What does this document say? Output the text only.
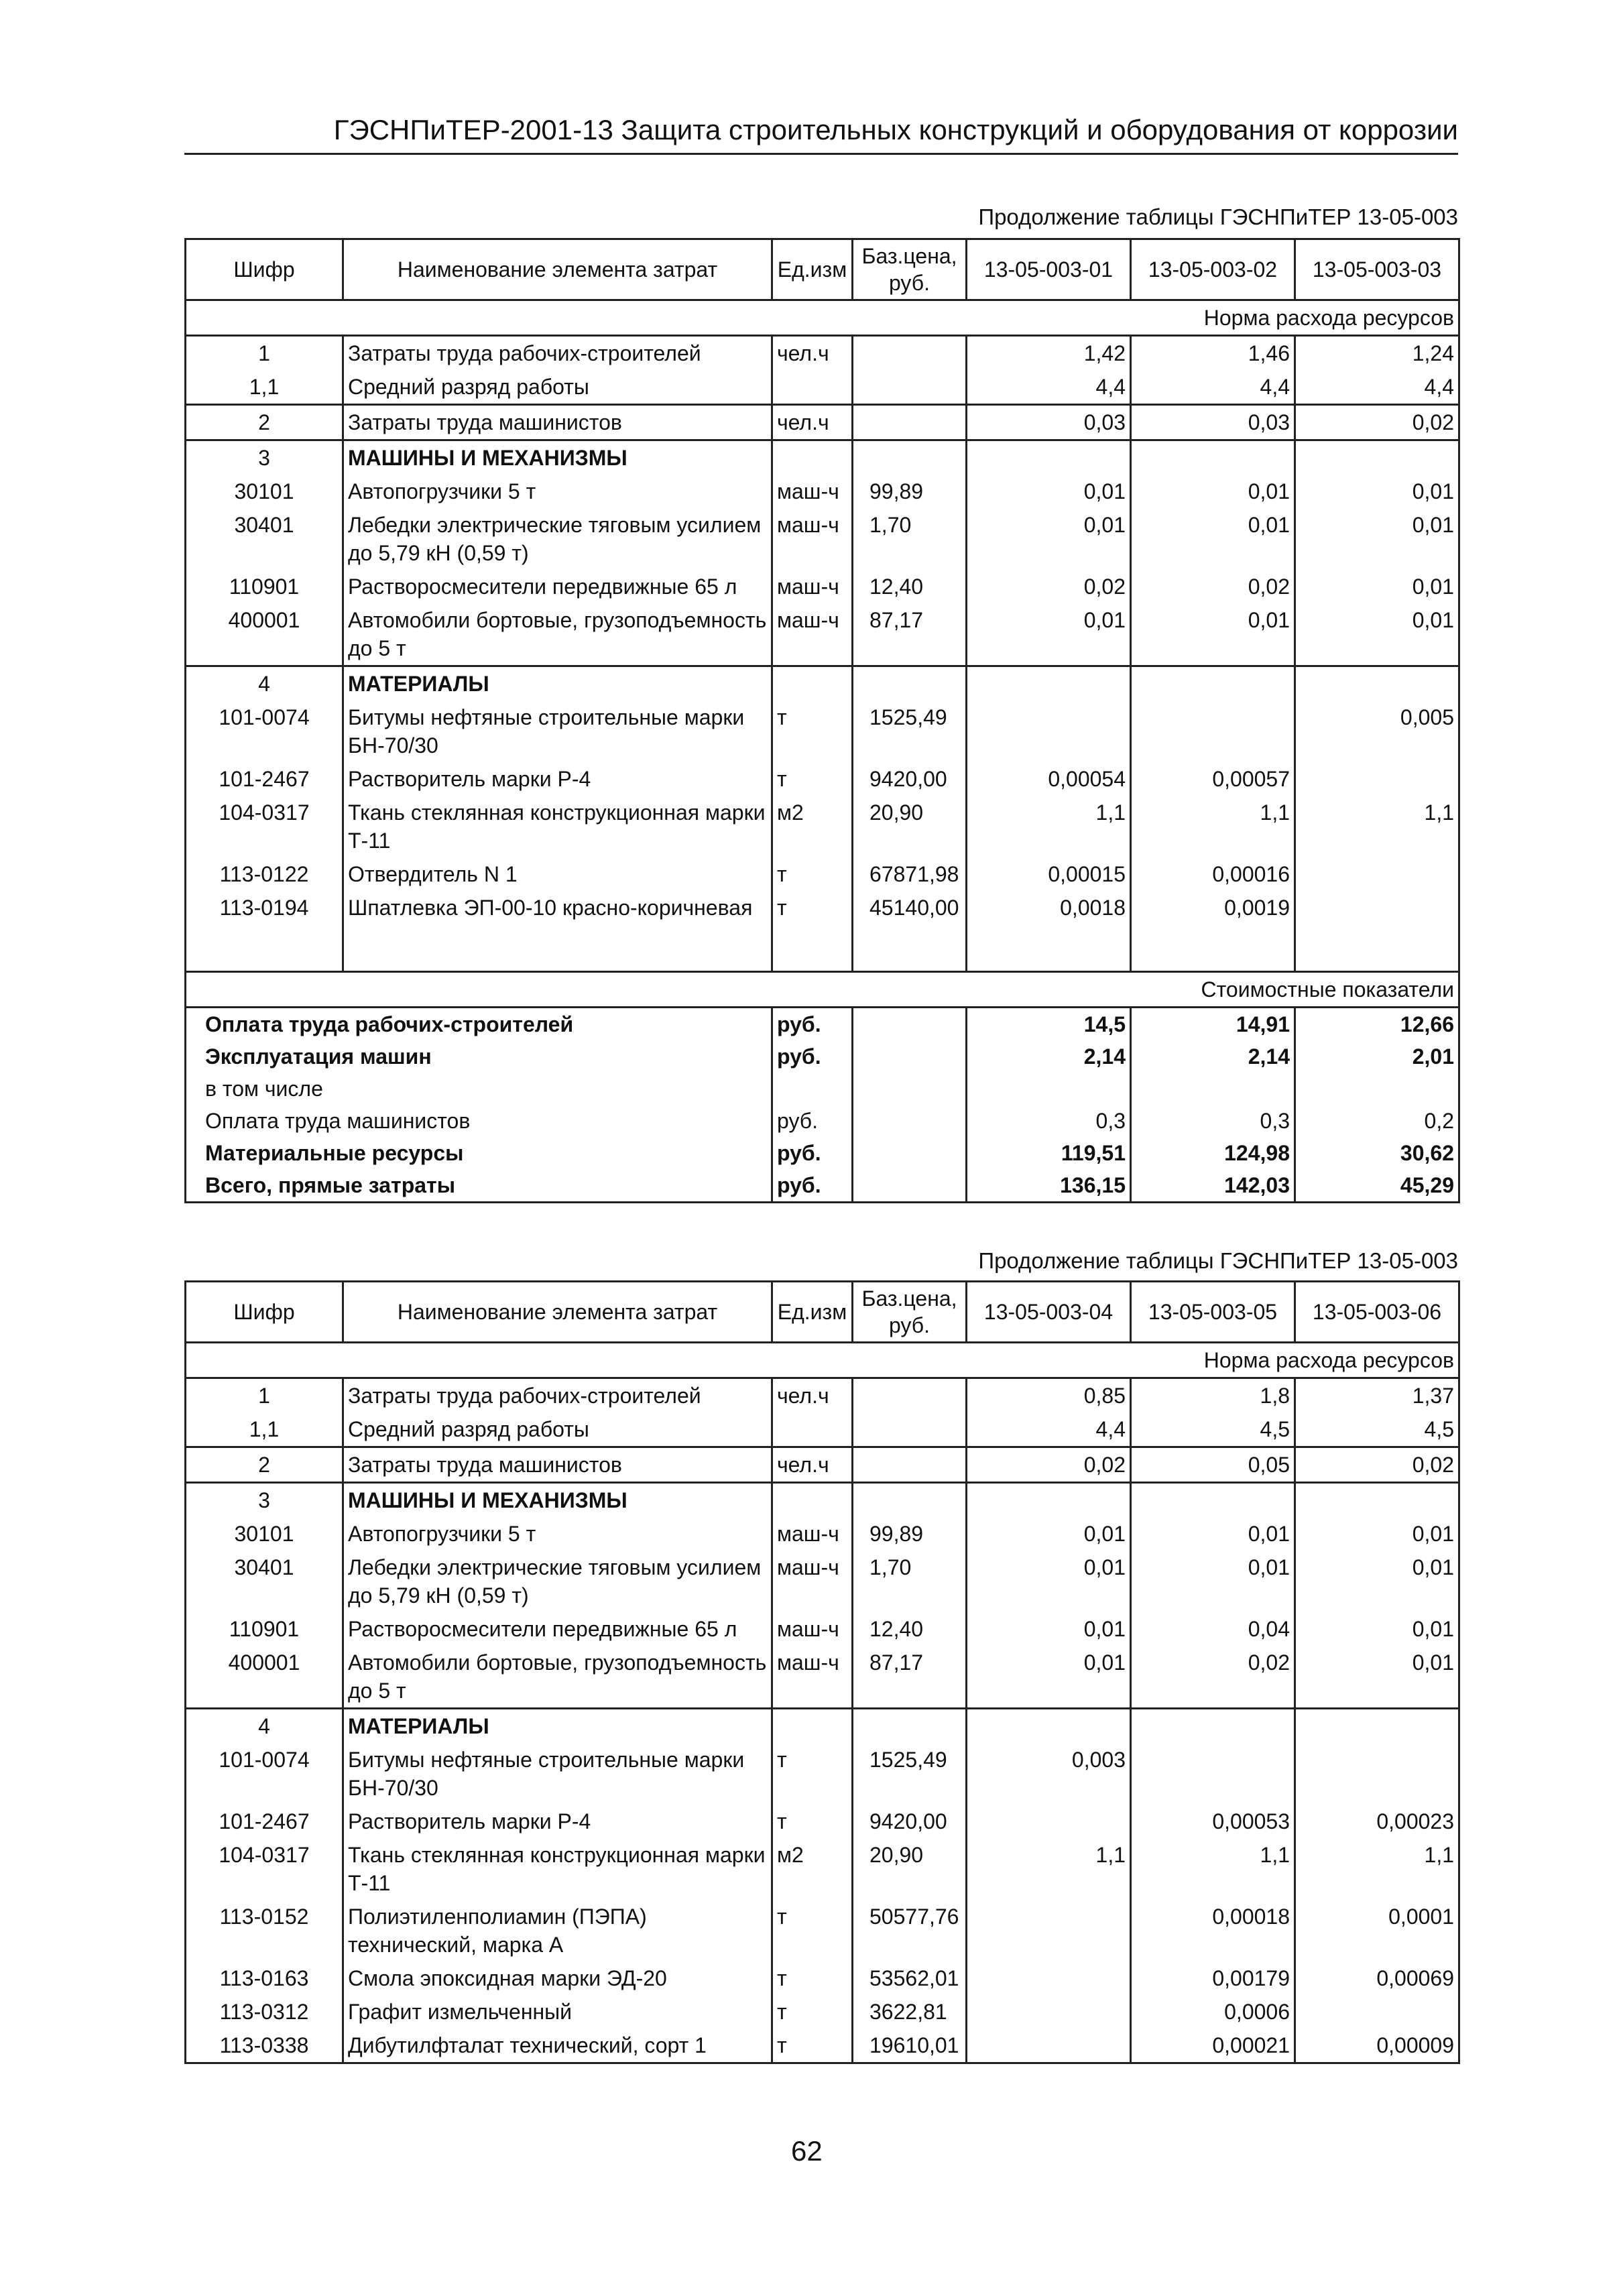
ГЭСНПиТЕР-2001-13 Защита строительных конструкций и оборудования от коррозии
Продолжение таблицы ГЭСНПиТЕР 13-05-003
Шифр	Наименование элемента затрат	Ед.изм	Баз.цена, руб.	13-05-003-01	13-05-003-02	13-05-003-03
Норма расхода ресурсов						
1	Затраты труда рабочих-строителей	чел.ч		1,42	1,46	1,24
1,1	Средний разряд работы			4,4	4,4	4,4
2	Затраты труда машинистов	чел.ч		0,03	0,03	0,02
3	МАШИНЫ И МЕХАНИЗМЫ					
30101	Автопогрузчики 5 т	маш-ч	99,89	0,01	0,01	0,01
30401	Лебедки электрические тяговым усилием до 5,79 кН (0,59 т)	маш-ч	1,70	0,01	0,01	0,01
110901	Растворосмесители передвижные 65 л	маш-ч	12,40	0,02	0,02	0,01
400001	Автомобили бортовые, грузоподъемность до 5 т	маш-ч	87,17	0,01	0,01	0,01
4	МАТЕРИАЛЫ					
101-0074	Битумы нефтяные строительные марки БН-70/30	т	1525,49			0,005
101-2467	Растворитель марки Р-4	т	9420,00	0,00054	0,00057	
104-0317	Ткань стеклянная конструкционная марки Т-11	м2	20,90	1,1	1,1	1,1
113-0122	Отвердитель N 1	т	67871,98	0,00015	0,00016	
113-0194	Шпатлевка ЭП-00-10 красно-коричневая	т	45140,00	0,0018	0,0019	

Стоимостные показатели						
Оплата труда рабочих-строителей		руб.		14,5	14,91	12,66
Эксплуатация машин		руб.		2,14	2,14	2,01
в том числе						
Оплата труда машинистов		руб.		0,3	0,3	0,2
Материальные ресурсы		руб.		119,51	124,98	30,62
Всего, прямые затраты		руб.		136,15	142,03	45,29
Продолжение таблицы ГЭСНПиТЕР 13-05-003
Шифр	Наименование элемента затрат	Ед.изм	Баз.цена, руб.	13-05-003-04	13-05-003-05	13-05-003-06
Норма расхода ресурсов						
1	Затраты труда рабочих-строителей	чел.ч		0,85	1,8	1,37
1,1	Средний разряд работы			4,4	4,5	4,5
2	Затраты труда машинистов	чел.ч		0,02	0,05	0,02
3	МАШИНЫ И МЕХАНИЗМЫ					
30101	Автопогрузчики 5 т	маш-ч	99,89	0,01	0,01	0,01
30401	Лебедки электрические тяговым усилием до 5,79 кН (0,59 т)	маш-ч	1,70	0,01	0,01	0,01
110901	Растворосмесители передвижные 65 л	маш-ч	12,40	0,01	0,04	0,01
400001	Автомобили бортовые, грузоподъемность до 5 т	маш-ч	87,17	0,01	0,02	0,01
4	МАТЕРИАЛЫ					
101-0074	Битумы нефтяные строительные марки БН-70/30	т	1525,49	0,003		
101-2467	Растворитель марки Р-4	т	9420,00		0,00053	0,00023
104-0317	Ткань стеклянная конструкционная марки Т-11	м2	20,90	1,1	1,1	1,1
113-0152	Полиэтиленполиамин (ПЭПА) технический, марка А	т	50577,76		0,00018	0,0001
113-0163	Смола эпоксидная марки ЭД-20	т	53562,01		0,00179	0,00069
113-0312	Графит измельченный	т	3622,81		0,0006	
113-0338	Дибутилфталат технический, сорт 1	т	19610,01		0,00021	0,00009
62
